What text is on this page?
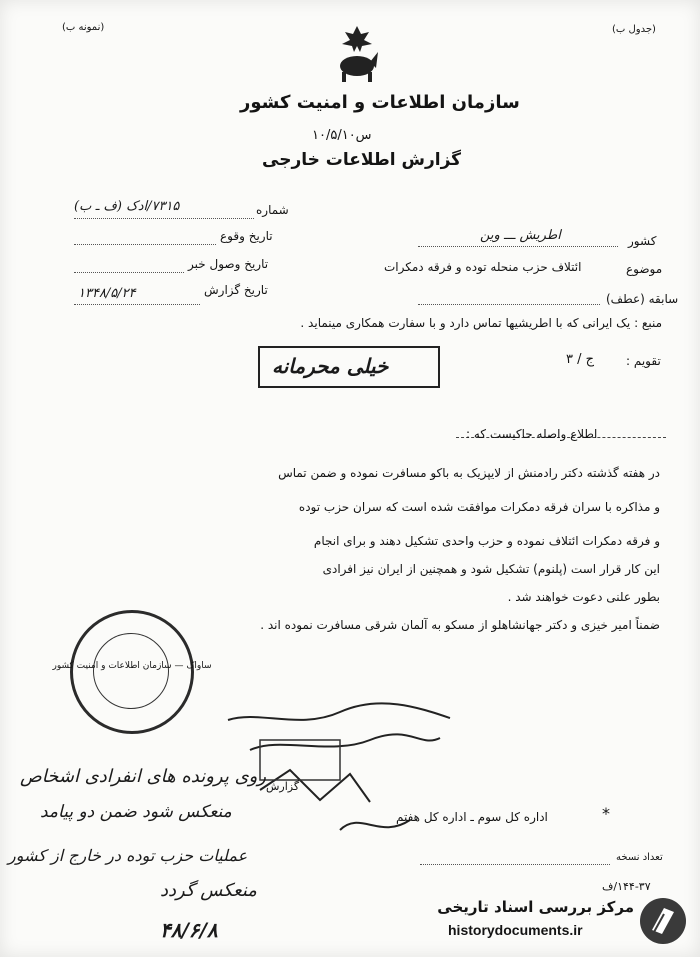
(نمونه ب)	(جدول ب)
سازمان اطلاعات و امنیت کشور
س۱۰/۵/۱۰
گزارش اطلاعات خارجی
شماره
۷۳۱۵/ادک (ف ـ ب)
تاریخ وقوع
تاریخ وصول خبر
تاریخ گزارش
۱۳۴۸/۵/۲۴
کشور
اطریش ـــ وین
موضوع
ائتلاف حزب منحله توده و فرقه دمکرات
سابقه (عطف)
منبع : یک ایرانی که با اطریشیها تماس دارد و با سفارت همکاری مینماید .
تقویم :
ج / ۳
خیلی محرمانه
اطلاع واصله حاکیست که :
در هفته گذشته دکتر رادمنش از لایپزیک به باکو مسافرت نموده و ضمن تماس
و مذاکره با سران فرقه دمکرات موافقت شده است که سران حزب توده
و فرقه دمکرات ائتلاف نموده و حزب واحدی تشکیل دهند و برای انجام
این کار قرار است (پلنوم) تشکیل شود و همچنین از ایران نیز افرادی
بطور علنی دعوت خواهند شد .
ضمناً امیر خیزی و دکتر جهانشاهلو از مسکو به آلمان شرقی مسافرت نموده اند .
ساواک — سازمان اطلاعات و امنیت کشور
گزارش
اداره کل سوم ـ اداره کل هفتم	*
تعداد نسخه
روی پرونده های انفرادی اشخاص
منعکس شود ضمن دو پیامد
عملیات حزب توده در خارج از کشور
منعکس گردد
۴۸/۶/۸
۱۴۴-۳۷/ف
مرکز بررسی اسناد تاریخی
historydocuments.ir
